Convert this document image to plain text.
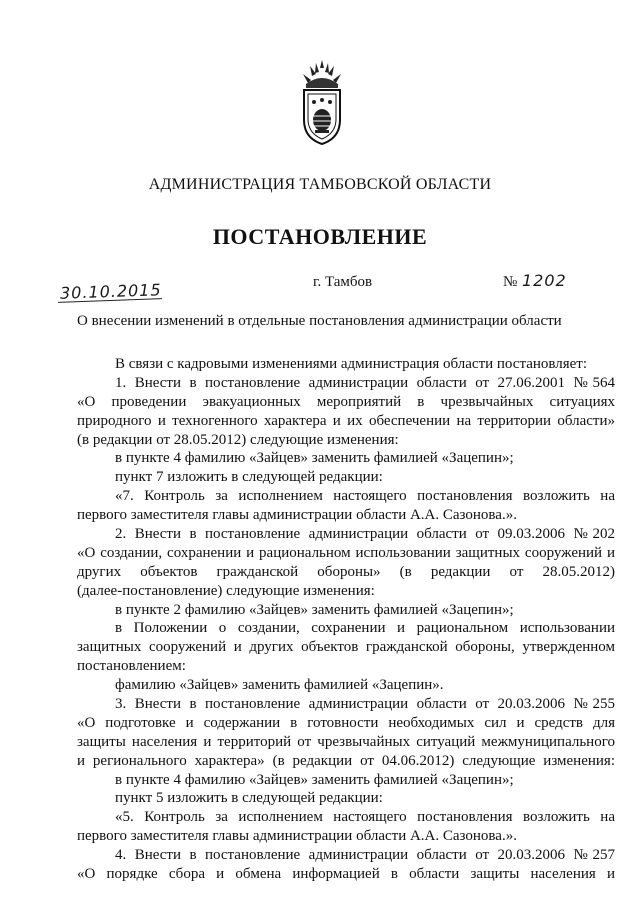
АДМИНИСТРАЦИЯ ТАМБОВСКОЙ ОБЛАСТИ
ПОСТАНОВЛЕНИЕ
30.10.2015	г. Тамбов	№ 1202
О внесении изменений в отдельные постановления администрации области
В связи с кадровыми изменениями администрация области постановляет:
1. Внести в постановление администрации области от 27.06.2001 №564
«О проведении эвакуационных мероприятий в чрезвычайных ситуациях
природного и техногенного характера и их обеспечении на территории области»
(в редакции от 28.05.2012) следующие изменения:
в пункте 4 фамилию «Зайцев» заменить фамилией «Зацепин»;
пункт 7 изложить в следующей редакции:
«7. Контроль за исполнением настоящего постановления возложить на
первого заместителя главы администрации области А.А. Сазонова.».
2. Внести в постановление администрации области от 09.03.2006 №202
«О создании, сохранении и рациональном использовании защитных сооружений и
других объектов гражданской обороны» (в редакции от 28.05.2012)
(далее-постановление) следующие изменения:
в пункте 2 фамилию «Зайцев» заменить фамилией «Зацепин»;
в Положении о создании, сохранении и рациональном использовании
защитных сооружений и других объектов гражданской обороны, утвержденном
постановлением:
фамилию «Зайцев» заменить фамилией «Зацепин».
3. Внести в постановление администрации области от 20.03.2006 №255
«О подготовке и содержании в готовности необходимых сил и средств для
защиты населения и территорий от чрезвычайных ситуаций межмуниципального
и регионального характера» (в редакции от 04.06.2012) следующие изменения:
в пункте 4 фамилию «Зайцев» заменить фамилией «Зацепин»;
пункт 5 изложить в следующей редакции:
«5. Контроль за исполнением настоящего постановления возложить на
первого заместителя главы администрации области А.А. Сазонова.».
4. Внести в постановление администрации области от 20.03.2006 №257
«О порядке сбора и обмена информацией в области защиты населения и
